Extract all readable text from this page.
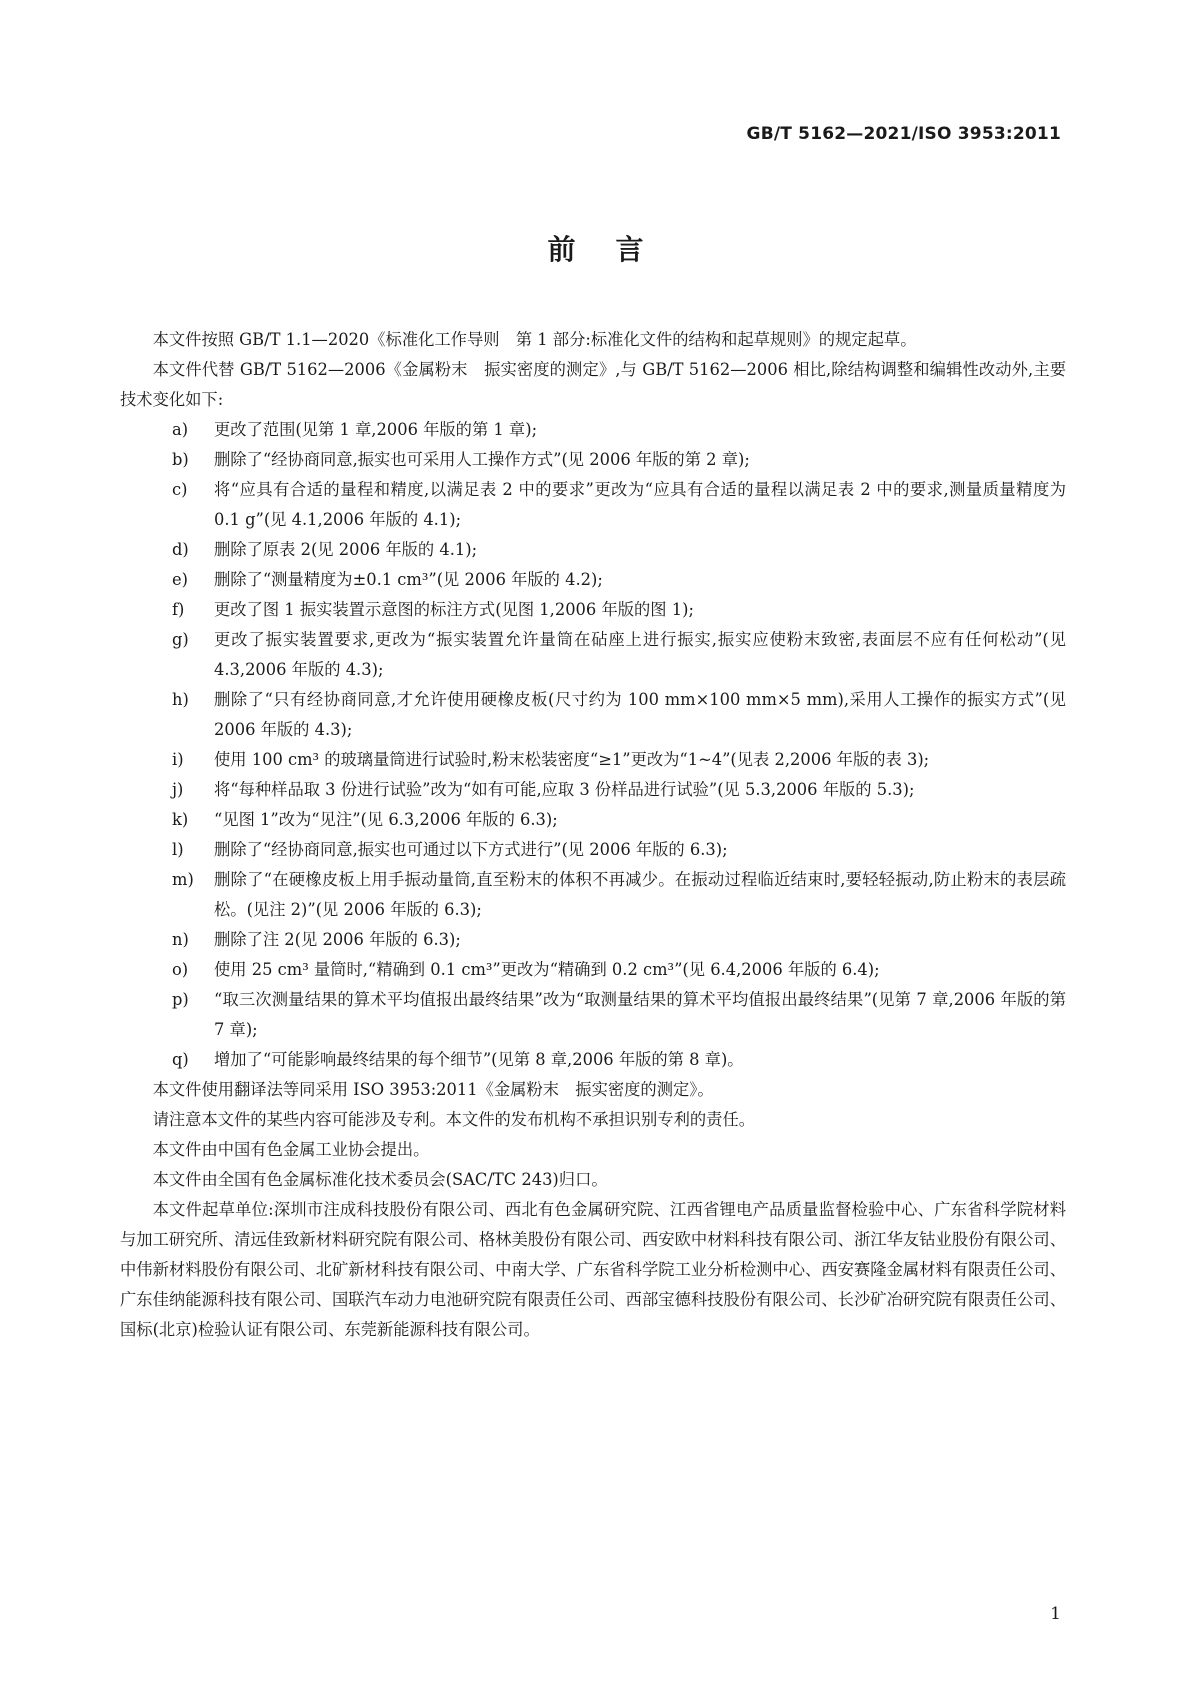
GB/T 5162—2021/ISO 3953:2011
前言

本文件按照 GB/T 1.1—2020《标准化工作导则　第 1 部分:标准化文件的结构和起草规则》的规定起草。

本文件代替 GB/T 5162—2006《金属粉末　振实密度的测定》,与 GB/T 5162—2006 相比,除结构调整和编辑性改动外,主要技术变化如下:

a)	更改了范围(见第 1 章,2006 年版的第 1 章);
b)	删除了“经协商同意,振实也可采用人工操作方式”(见 2006 年版的第 2 章);
c)	将“应具有合适的量程和精度,以满足表 2 中的要求”更改为“应具有合适的量程以满足表 2 中的要求,测量质量精度为 0.1 g”(见 4.1,2006 年版的 4.1);
d)	删除了原表 2(见 2006 年版的 4.1);
e)	删除了“测量精度为±0.1 cm³”(见 2006 年版的 4.2);
f)	更改了图 1 振实装置示意图的标注方式(见图 1,2006 年版的图 1);
g)	更改了振实装置要求,更改为“振实装置允许量筒在砧座上进行振实,振实应使粉末致密,表面层不应有任何松动”(见 4.3,2006 年版的 4.3);
h)	删除了“只有经协商同意,才允许使用硬橡皮板(尺寸约为 100 mm×100 mm×5 mm),采用人工操作的振实方式”(见 2006 年版的 4.3);
i)	使用 100 cm³ 的玻璃量筒进行试验时,粉末松装密度“≥1”更改为“1~4”(见表 2,2006 年版的表 3);
j)	将“每种样品取 3 份进行试验”改为“如有可能,应取 3 份样品进行试验”(见 5.3,2006 年版的 5.3);
k)	“见图 1”改为“见注”(见 6.3,2006 年版的 6.3);
l)	删除了“经协商同意,振实也可通过以下方式进行”(见 2006 年版的 6.3);
m)	删除了“在硬橡皮板上用手振动量筒,直至粉末的体积不再减少。在振动过程临近结束时,要轻轻振动,防止粉末的表层疏松。(见注 2)”(见 2006 年版的 6.3);
n)	删除了注 2(见 2006 年版的 6.3);
o)	使用 25 cm³ 量筒时,“精确到 0.1 cm³”更改为“精确到 0.2 cm³”(见 6.4,2006 年版的 6.4);
p)	“取三次测量结果的算术平均值报出最终结果”改为“取测量结果的算术平均值报出最终结果”(见第 7 章,2006 年版的第 7 章);
q)	增加了“可能影响最终结果的每个细节”(见第 8 章,2006 年版的第 8 章)。

本文件使用翻译法等同采用 ISO 3953:2011《金属粉末　振实密度的测定》。

请注意本文件的某些内容可能涉及专利。本文件的发布机构不承担识别专利的责任。

本文件由中国有色金属工业协会提出。

本文件由全国有色金属标准化技术委员会(SAC/TC 243)归口。

本文件起草单位:深圳市注成科技股份有限公司、西北有色金属研究院、江西省锂电产品质量监督检验中心、广东省科学院材料与加工研究所、清远佳致新材料研究院有限公司、格林美股份有限公司、西安欧中材料科技有限公司、浙江华友钴业股份有限公司、中伟新材料股份有限公司、北矿新材科技有限公司、中南大学、广东省科学院工业分析检测中心、西安赛隆金属材料有限责任公司、广东佳纳能源科技有限公司、国联汽车动力电池研究院有限责任公司、西部宝德科技股份有限公司、长沙矿冶研究院有限责任公司、国标(北京)检验认证有限公司、东莞新能源科技有限公司。

1
